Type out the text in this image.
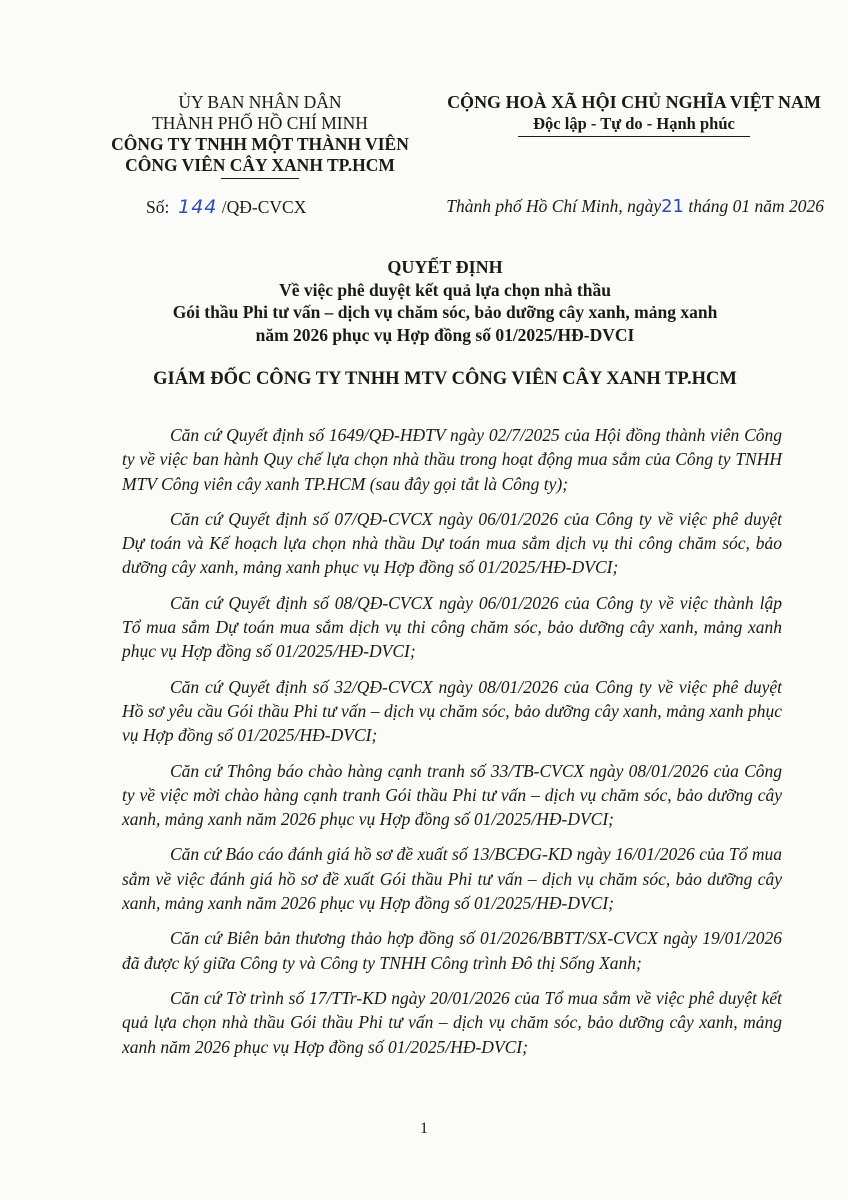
ỦY BAN NHÂN DÂN
THÀNH PHỐ HỒ CHÍ MINH
CÔNG TY TNHH MỘT THÀNH VIÊN
CÔNG VIÊN CÂY XANH TP.HCM
CỘNG HOÀ XÃ HỘI CHỦ NGHĨA VIỆT NAM
Độc lập - Tự do - Hạnh phúc
Số: 144 /QĐ-CVCX	Thành phố Hồ Chí Minh, ngày21 tháng 01 năm 2026
QUYẾT ĐỊNH
Về việc phê duyệt kết quả lựa chọn nhà thầu
Gói thầu Phi tư vấn – dịch vụ chăm sóc, bảo dưỡng cây xanh, mảng xanh
năm 2026 phục vụ Hợp đồng số 01/2025/HĐ-DVCI
GIÁM ĐỐC CÔNG TY TNHH MTV CÔNG VIÊN CÂY XANH TP.HCM

Căn cứ Quyết định số 1649/QĐ-HĐTV ngày 02/7/2025 của Hội đồng thành viên Công ty về việc ban hành Quy chế lựa chọn nhà thầu trong hoạt động mua sắm của Công ty TNHH MTV Công viên cây xanh TP.HCM (sau đây gọi tắt là Công ty);

Căn cứ Quyết định số 07/QĐ-CVCX ngày 06/01/2026 của Công ty về việc phê duyệt Dự toán và Kế hoạch lựa chọn nhà thầu Dự toán mua sắm dịch vụ thi công chăm sóc, bảo dưỡng cây xanh, mảng xanh phục vụ Hợp đồng số 01/2025/HĐ-DVCI;

Căn cứ Quyết định số 08/QĐ-CVCX ngày 06/01/2026 của Công ty về việc thành lập Tổ mua sắm Dự toán mua sắm dịch vụ thi công chăm sóc, bảo dưỡng cây xanh, mảng xanh phục vụ Hợp đồng số 01/2025/HĐ-DVCI;

Căn cứ Quyết định số 32/QĐ-CVCX ngày 08/01/2026 của Công ty về việc phê duyệt Hồ sơ yêu cầu Gói thầu Phi tư vấn – dịch vụ chăm sóc, bảo dưỡng cây xanh, mảng xanh phục vụ Hợp đồng số 01/2025/HĐ-DVCI;

Căn cứ Thông báo chào hàng cạnh tranh số 33/TB-CVCX ngày 08/01/2026 của Công ty về việc mời chào hàng cạnh tranh Gói thầu Phi tư vấn – dịch vụ chăm sóc, bảo dưỡng cây xanh, mảng xanh năm 2026 phục vụ Hợp đồng số 01/2025/HĐ-DVCI;

Căn cứ Báo cáo đánh giá hồ sơ đề xuất số 13/BCĐG-KD ngày 16/01/2026 của Tổ mua sắm về việc đánh giá hồ sơ đề xuất Gói thầu Phi tư vấn – dịch vụ chăm sóc, bảo dưỡng cây xanh, mảng xanh năm 2026 phục vụ Hợp đồng số 01/2025/HĐ-DVCI;

Căn cứ Biên bản thương thảo hợp đồng số 01/2026/BBTT/SX-CVCX ngày 19/01/2026 đã được ký giữa Công ty và Công ty TNHH Công trình Đô thị Sống Xanh;

Căn cứ Tờ trình số 17/TTr-KD ngày 20/01/2026 của Tổ mua sắm về việc phê duyệt kết quả lựa chọn nhà thầu Gói thầu Phi tư vấn – dịch vụ chăm sóc, bảo dưỡng cây xanh, mảng xanh năm 2026 phục vụ Hợp đồng số 01/2025/HĐ-DVCI;

1
